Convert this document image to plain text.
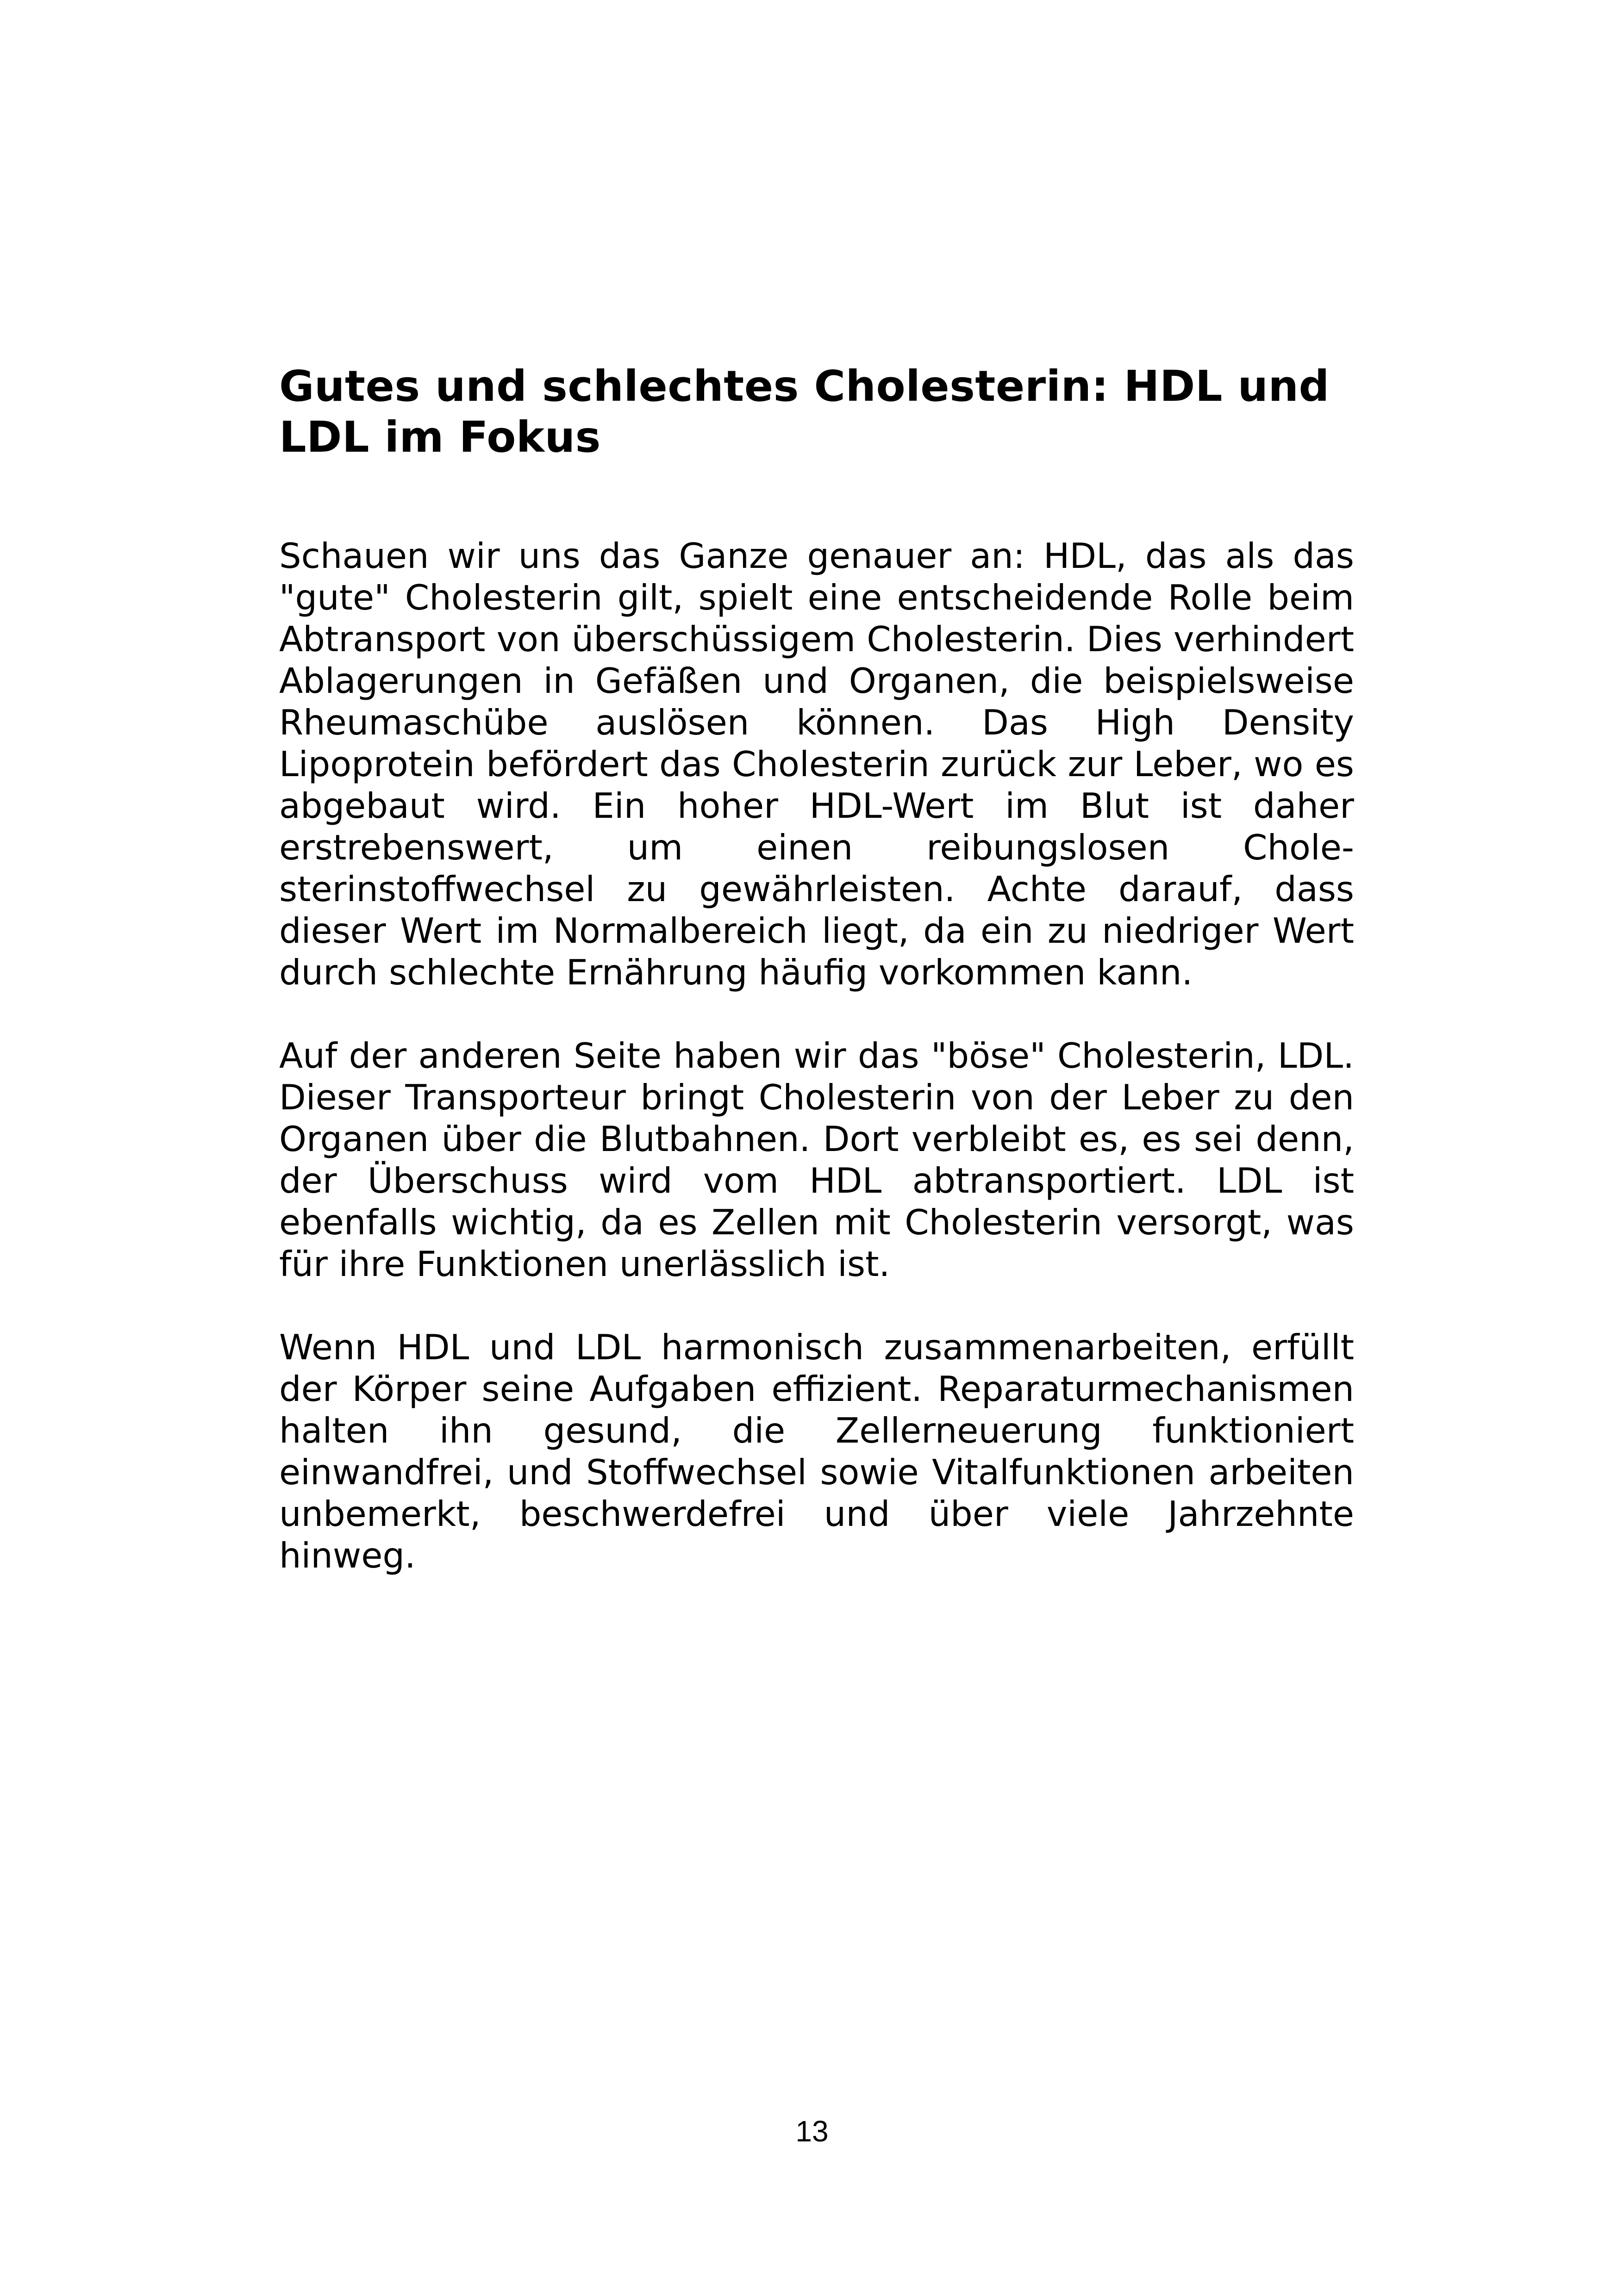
Gutes und schlechtes Cholesterin: HDL und LDL im Fokus

Schauen wir uns das Ganze genauer an: HDL, das als das "gute" Cholesterin gilt, spielt eine entscheidende Rolle beim Abtransport von überschüssigem Cholesterin. Dies verhindert Ablagerungen in Gefäßen und Organen, die beispielsweise Rheumaschübe auslösen können. Das High Density Lipoprotein befördert das Cholesterin zurück zur Leber, wo es abgebaut wird. Ein hoher HDL-Wert im Blut ist daher erstrebenswert, um einen reibungslosen Cholesterinstoffwechsel zu gewährleisten. Achte darauf, dass dieser Wert im Normalbereich liegt, da ein zu niedriger Wert durch schlechte Ernährung häufig vorkommen kann.

Auf der anderen Seite haben wir das "böse" Cholesterin, LDL. Dieser Transporteur bringt Cholesterin von der Leber zu den Organen über die Blutbahnen. Dort verbleibt es, es sei denn, der Überschuss wird vom HDL abtransportiert. LDL ist ebenfalls wichtig, da es Zellen mit Cholesterin versorgt, was für ihre Funktionen unerlässlich ist.

Wenn HDL und LDL harmonisch zusammenarbeiten, erfüllt der Körper seine Aufgaben effizient. Reparaturmechanismen halten ihn gesund, die Zellerneuerung funktioniert einwandfrei, und Stoffwechsel sowie Vitalfunktionen arbeiten unbemerkt, beschwerdefrei und über viele Jahrzehnte hinweg.

13
